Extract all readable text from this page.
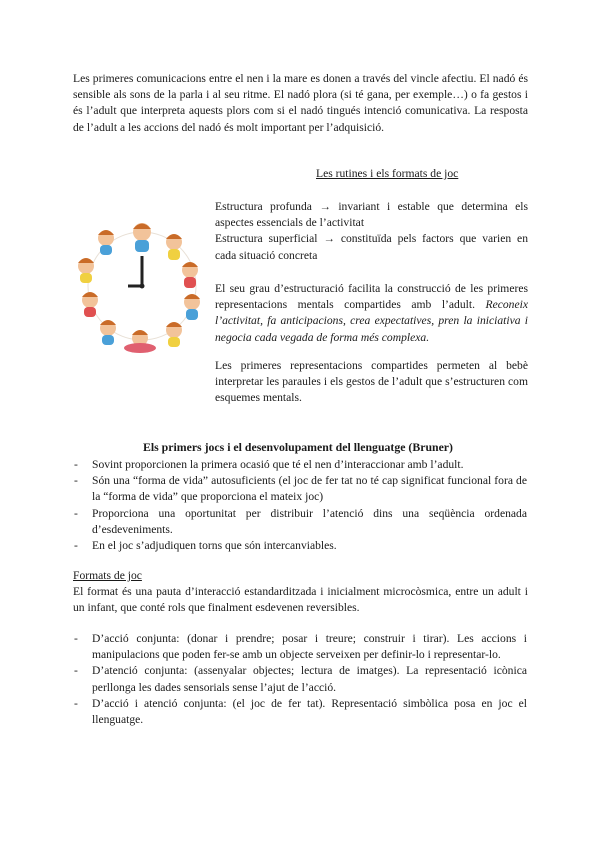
Les primeres comunicacions entre el nen i la mare es donen a través del vincle afectiu. El nadó és sensible als sons de la parla i al seu ritme. El nadó plora (si té gana, per exemple…) o fa gestos i és l’adult que interpreta aquests plors com si el nadó tingués intenció comunicativa. La resposta de l’adult a les accions del nadó és molt important per l’adquisició.
Les rutines i els formats de joc
Estructura profunda → invariant i estable que determina els aspectes essencials de l’activitat
Estructura superficial → constituïda pels factors que varien en cada situació concreta
El seu grau d’estructuració facilita la construcció de les primeres representacions mentals compartides amb l’adult. Reconeix l’activitat, fa anticipacions, crea expectatives, pren la iniciativa i negocia cada vegada de forma més complexa.
Les primeres representacions compartides permeten al bebè interpretar les paraules i els gestos de l’adult que s’estructuren com esquemes mentals.
Els primers jocs i el desenvolupament del llenguatge (Bruner)
- Sovint proporcionen la primera ocasió que té el nen d’interaccionar amb l’adult.
- Són una “forma de vida” autosuficients (el joc de fer tat no té cap significat funcional fora de la “forma de vida” que proporciona el mateix joc)
- Proporciona una oportunitat per distribuir l’atenció dins una seqüència ordenada d’esdeveniments.
- En el joc s’adjudiquen torns que són intercanviables.
Formats de joc
El format és una pauta d’interacció estandarditzada i inicialment microcòsmica, entre un adult i un infant, que conté rols que finalment esdevenen reversibles.
- D’acció conjunta: (donar i prendre; posar i treure; construir i tirar). Les accions i manipulacions que poden fer-se amb un objecte serveixen per definir-lo i representar-lo.
- D’atenció conjunta: (assenyalar objectes; lectura de imatges). La representació icònica perllonga les dades sensorials sense l’ajut de l’acció.
- D’acció i atenció conjunta: (el joc de fer tat). Representació simbòlica posa en joc el llenguatge.
